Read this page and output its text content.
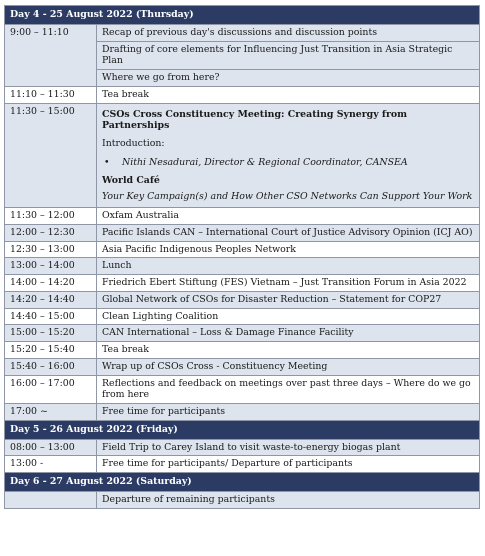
Day 4 - 25 August 2022 (Thursday)	
9:00 – 11:10	Recap of previous day's discussions and discussion points
	Drafting of core elements for Influencing Just Transition in Asia Strategic Plan
	Where we go from here?
11:10 – 11:30	Tea break
11:30 – 15:00	CSOs Cross Constituency Meeting: Creating Synergy from Partnerships
Introduction:
• Nithi Nesadurai, Director & Regional Coordinator, CANSEA
World Café
Your Key Campaign(s) and How Other CSO Networks Can Support Your Work

11:30 – 12:00	Oxfam Australia
12:00 – 12:30	Pacific Islands CAN – International Court of Justice Advisory Opinion (ICJ AO)
12:30 – 13:00	Asia Pacific Indigenous Peoples Network
13:00 – 14:00	Lunch
14:00 – 14:20	Friedrich Ebert Stiftung (FES) Vietnam – Just Transition Forum in Asia 2022
14:20 – 14:40	Global Network of CSOs for Disaster Reduction – Statement for COP27
14:40 – 15:00	Clean Lighting Coalition
15:00 – 15:20	CAN International – Loss & Damage Finance Facility
15:20 – 15:40	Tea break
15:40 – 16:00	Wrap up of CSOs Cross - Constituency Meeting
16:00 – 17:00	Reflections and feedback on meetings over past three days – Where do we go from here
17:00 ~	Free time for participants
Day 5 - 26 August 2022 (Friday)	
08:00 – 13:00	Field Trip to Carey Island to visit waste-to-energy biogas plant
13:00 -	Free time for participants/ Departure of participants
Day 6 - 27 August 2022 (Saturday)	
	Departure of remaining participants
